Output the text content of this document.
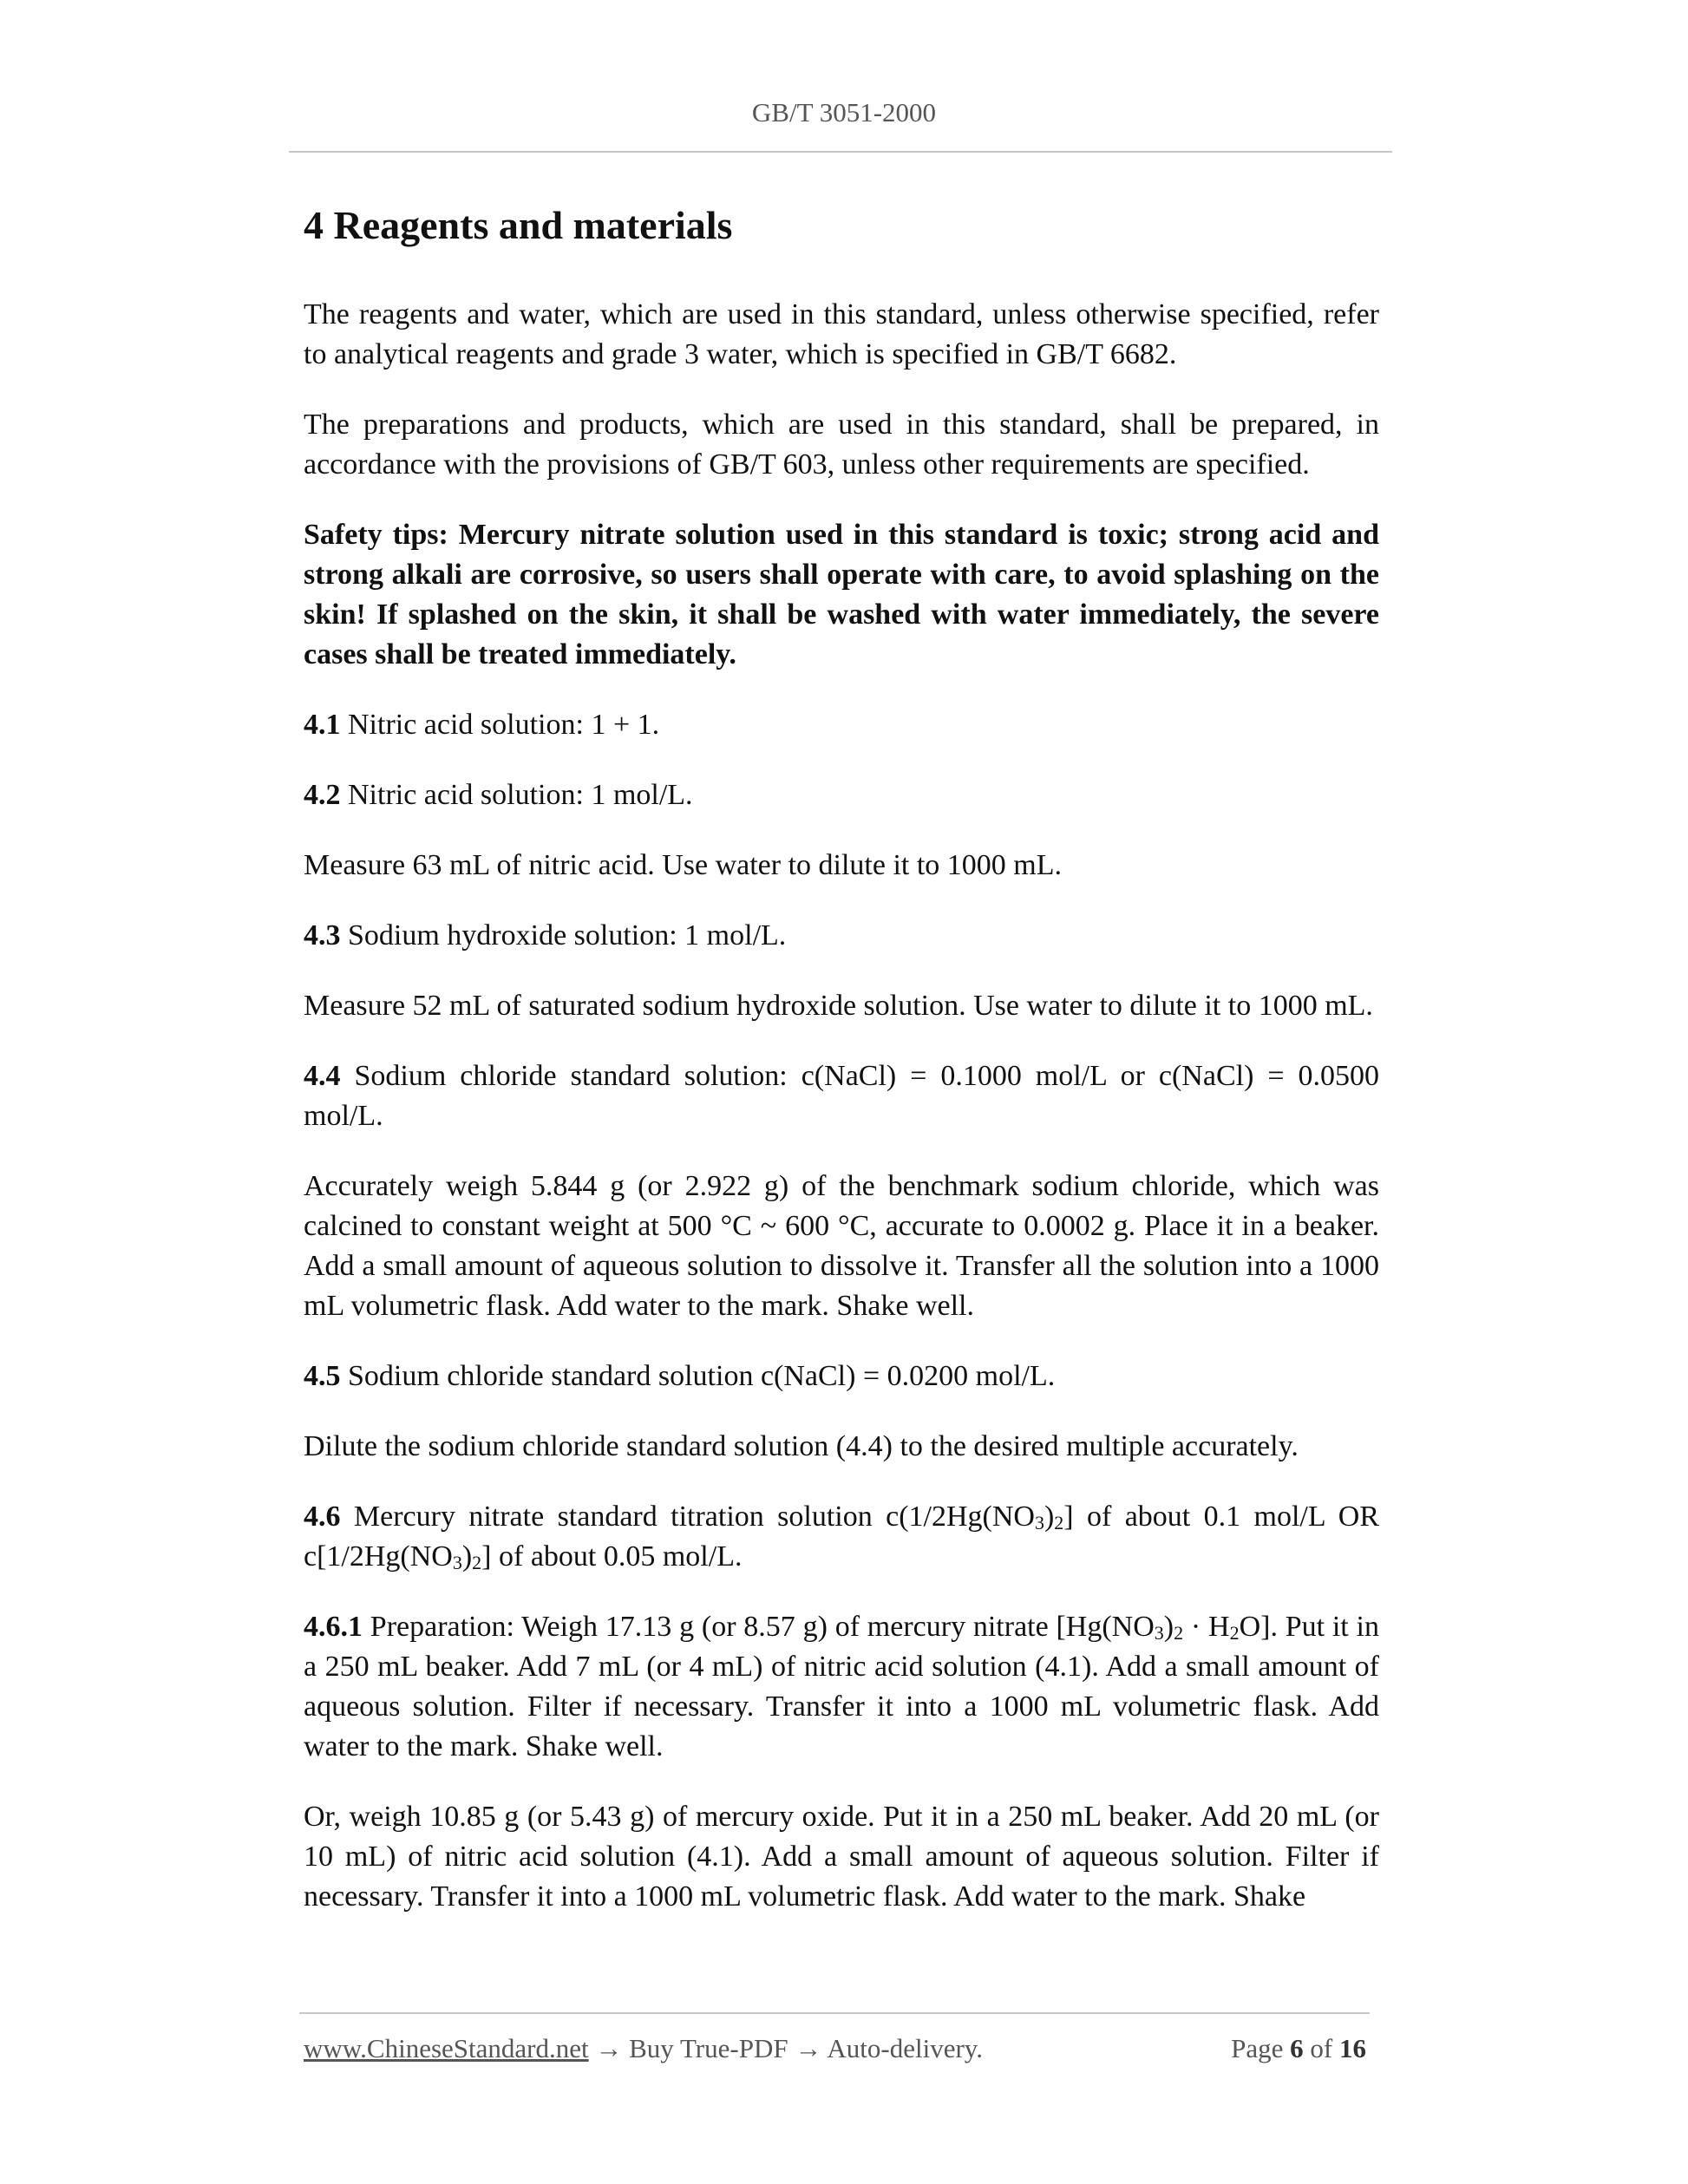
GB/T 3051-2000
4 Reagents and materials

The reagents and water, which are used in this standard, unless otherwise specified, refer to analytical reagents and grade 3 water, which is specified in GB/T 6682.

The preparations and products, which are used in this standard, shall be prepared, in accordance with the provisions of GB/T 603, unless other requirements are specified.

Safety tips: Mercury nitrate solution used in this standard is toxic; strong acid and strong alkali are corrosive, so users shall operate with care, to avoid splashing on the skin! If splashed on the skin, it shall be washed with water immediately, the severe cases shall be treated immediately.

4.1 Nitric acid solution: 1 + 1.

4.2 Nitric acid solution: 1 mol/L.

Measure 63 mL of nitric acid. Use water to dilute it to 1000 mL.

4.3 Sodium hydroxide solution: 1 mol/L.

Measure 52 mL of saturated sodium hydroxide solution. Use water to dilute it to 1000 mL.

4.4 Sodium chloride standard solution: c(NaCl) = 0.1000 mol/L or c(NaCl) = 0.0500 mol/L.

Accurately weigh 5.844 g (or 2.922 g) of the benchmark sodium chloride, which was calcined to constant weight at 500 °C ~ 600 °C, accurate to 0.0002 g. Place it in a beaker. Add a small amount of aqueous solution to dissolve it. Transfer all the solution into a 1000 mL volumetric flask. Add water to the mark. Shake well.

4.5 Sodium chloride standard solution c(NaCl) = 0.0200 mol/L.

Dilute the sodium chloride standard solution (4.4) to the desired multiple accurately.

4.6 Mercury nitrate standard titration solution $c(1/2Hg(NO_3)_2]$ of about 0.1 mol/L OR $c[1/2Hg(NO_3)_2]$ of about 0.05 mol/L.

4.6.1 Preparation: Weigh 17.13 g (or 8.57 g) of mercury nitrate $[Hg(NO_3)_2 \cdot H_2O]$. Put it in a 250 mL beaker. Add 7 mL (or 4 mL) of nitric acid solution (4.1). Add a small amount of aqueous solution. Filter if necessary. Transfer it into a 1000 mL volumetric flask. Add water to the mark. Shake well.

Or, weigh 10.85 g (or 5.43 g) of mercury oxide. Put it in a 250 mL beaker. Add 20 mL (or 10 mL) of nitric acid solution (4.1). Add a small amount of aqueous solution. Filter if necessary. Transfer it into a 1000 mL volumetric flask. Add water to the mark. Shake

www.ChineseStandard.net → Buy True-PDF → Auto-delivery.	Page 6 of 16
